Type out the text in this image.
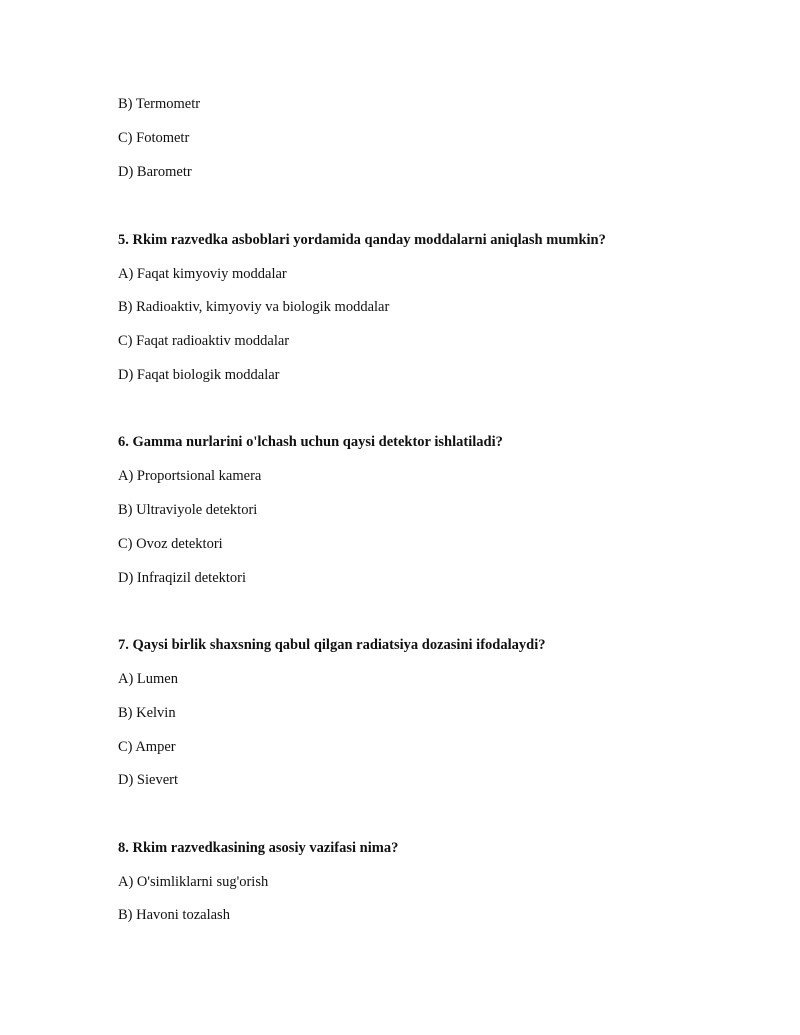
B) Termometr
C) Fotometr
D) Barometr
5. Rkim razvedka asboblari yordamida qanday moddalarni aniqlash mumkin?
A) Faqat kimyoviy moddalar
B) Radioaktiv, kimyoviy va biologik moddalar
C) Faqat radioaktiv moddalar
D) Faqat biologik moddalar
6. Gamma nurlarini o'lchash uchun qaysi detektor ishlatiladi?
A) Proportsional kamera
B) Ultraviyole detektori
C) Ovoz detektori
D) Infraqizil detektori
7. Qaysi birlik shaxsning qabul qilgan radiatsiya dozasini ifodalaydi?
A) Lumen
B) Kelvin
C) Amper
D) Sievert
8. Rkim razvedkasining asosiy vazifasi nima?
A) O'simliklarni sug'orish
B) Havoni tozalash
